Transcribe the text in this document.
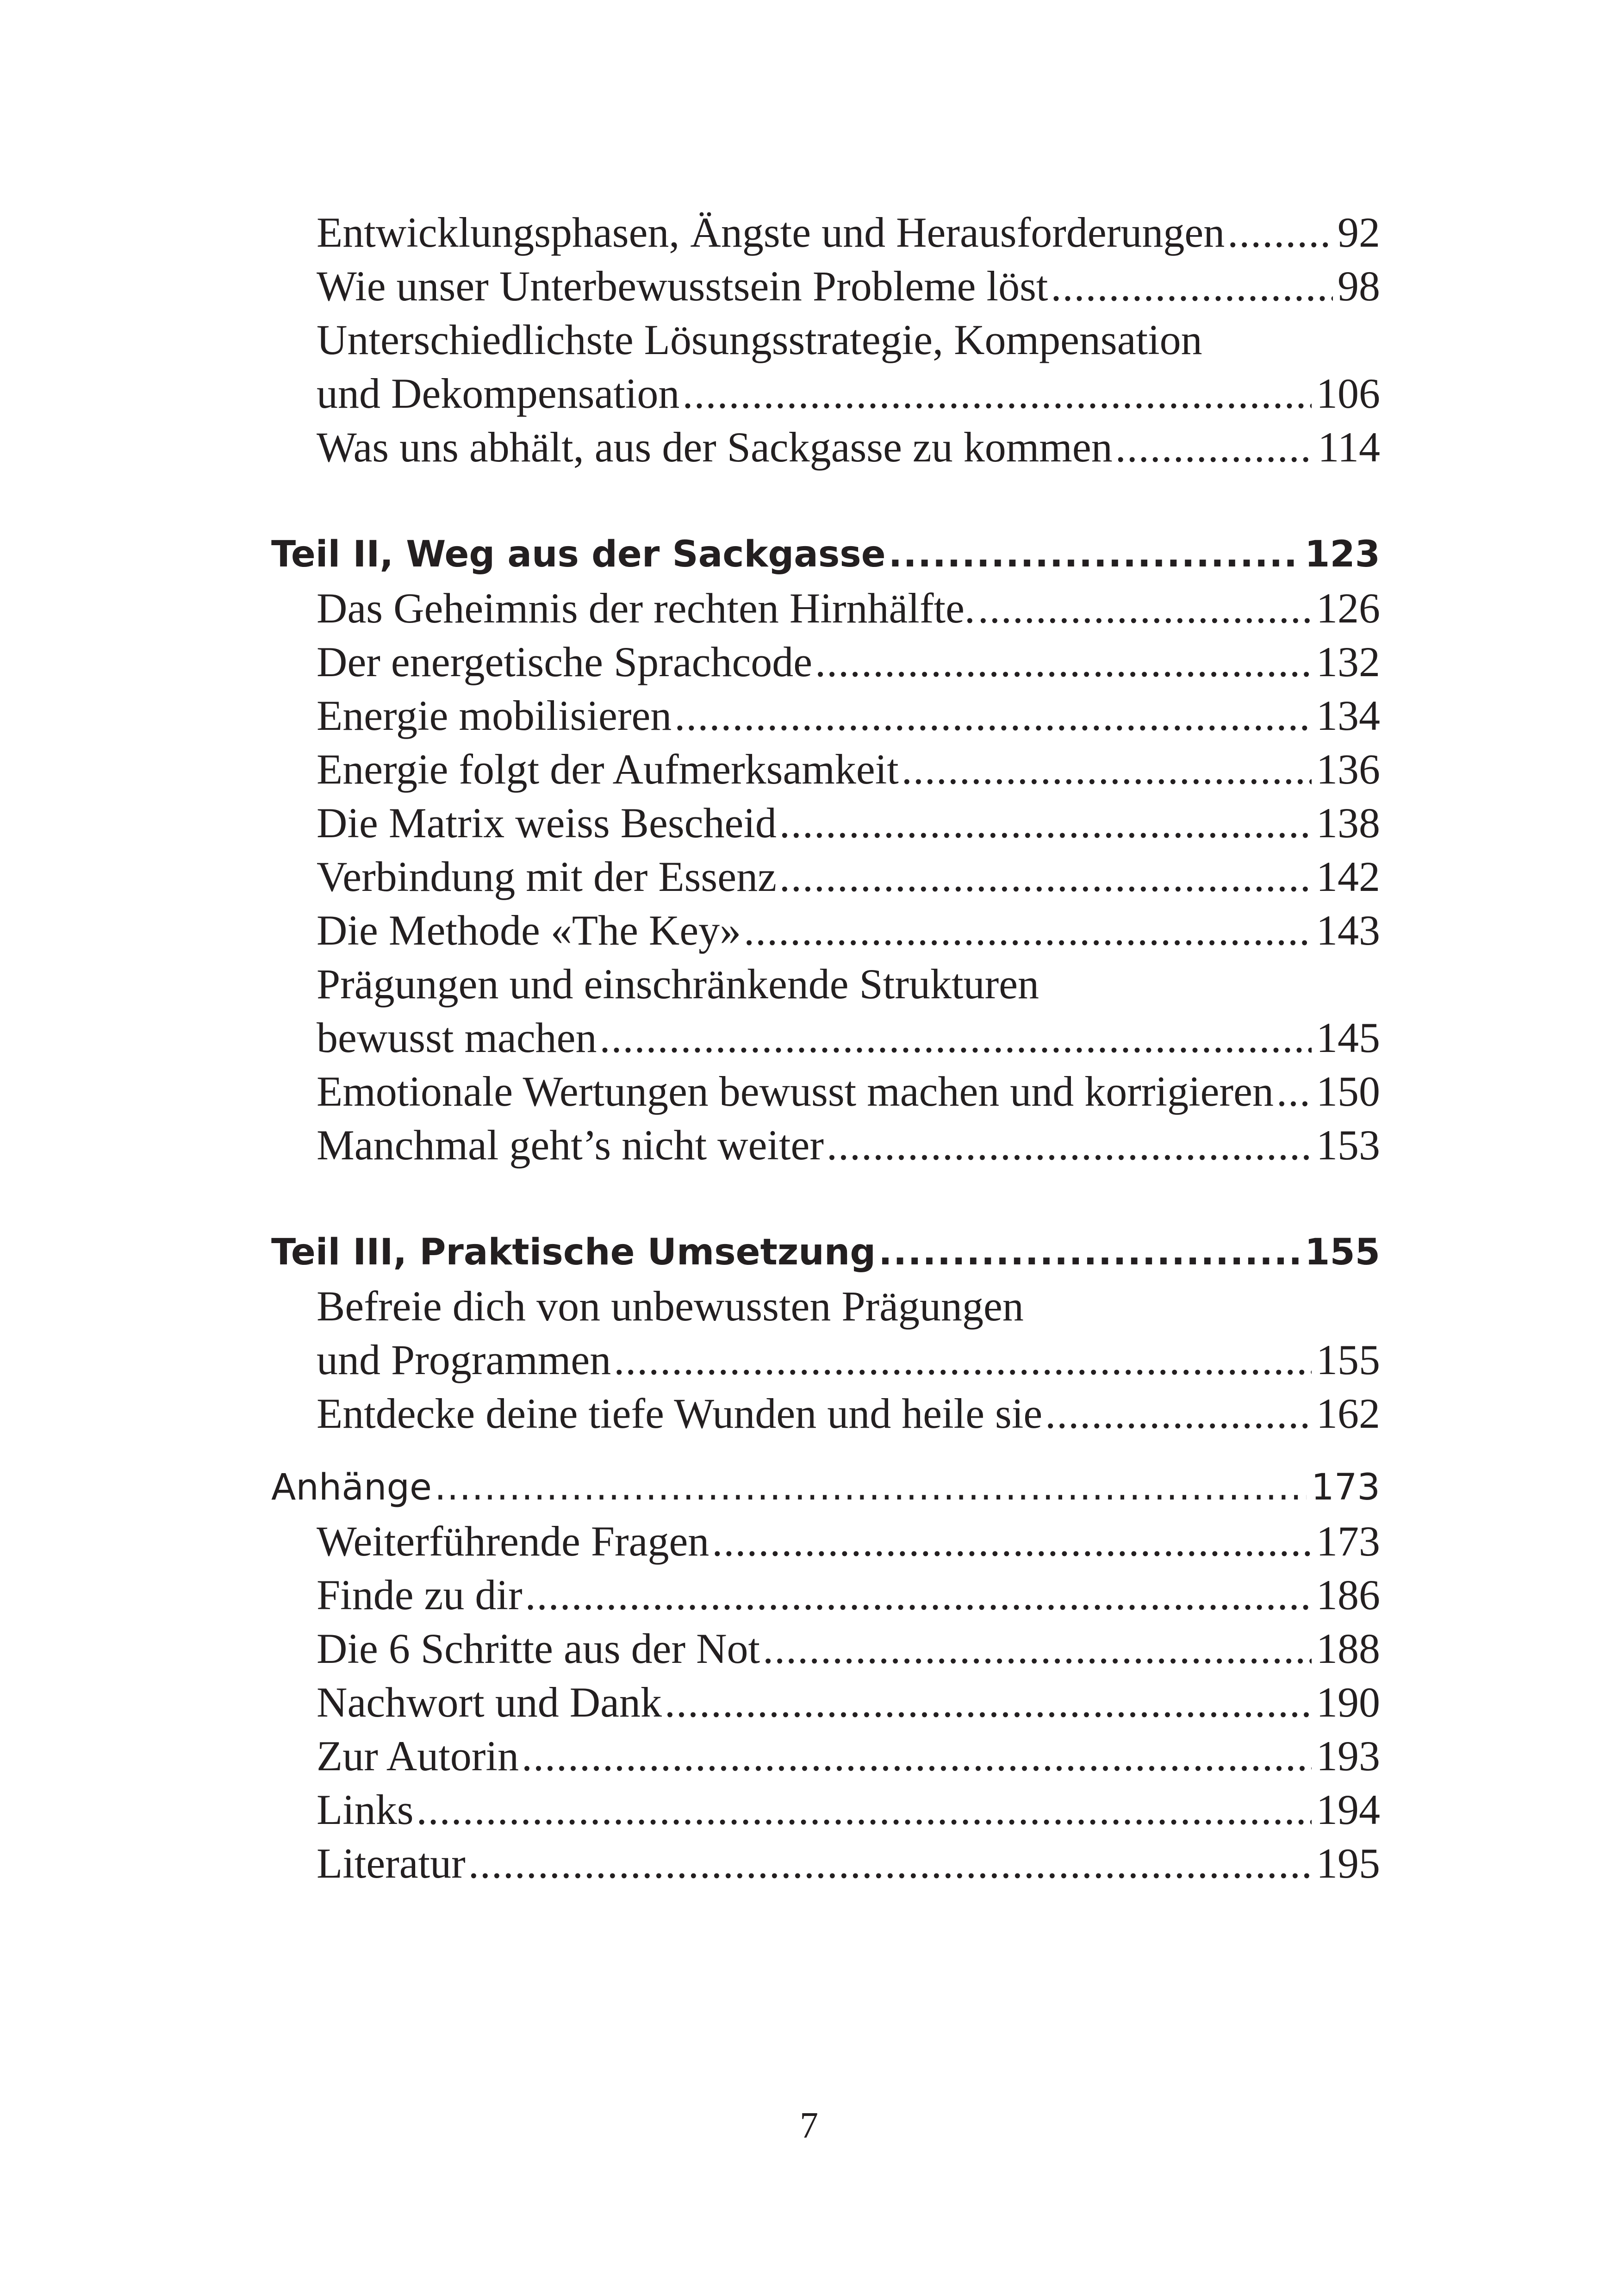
Entwicklungsphasen, Ängste und Herausforderungen .....	92
Wie unser Unterbewusstsein Probleme löst .....	98
Unterschiedlichste Lösungsstrategie, Kompensation
und Dekompensation .....	106
Was uns abhält, aus der Sackgasse zu kommen .....	114
Teil II, Weg aus der Sackgasse .....	123
Das Geheimnis der rechten Hirnhälfte. .....	126
Der energetische Sprachcode .....	132
Energie mobilisieren .....	134
Energie folgt der Aufmerksamkeit .....	136
Die Matrix weiss Bescheid .....	138
Verbindung mit der Essenz .....	142
Die Methode «The Key» .....	143
Prägungen und einschränkende Strukturen
bewusst machen .....	145
Emotionale Wertungen bewusst machen und korrigieren ..... 150
Manchmal geht’s nicht weiter .....	153
Teil III, Praktische Umsetzung .....	155
Befreie dich von unbewussten Prägungen
und Programmen .....	155
Entdecke deine tiefe Wunden und heile sie .....	162
Anhänge .....	173
Weiterführende Fragen .....	173
Finde zu dir .....	186
Die 6 Schritte aus der Not .....	188
Nachwort und Dank .....	190
Zur Autorin .....	193
Links .....	194
Literatur .....	195
7
